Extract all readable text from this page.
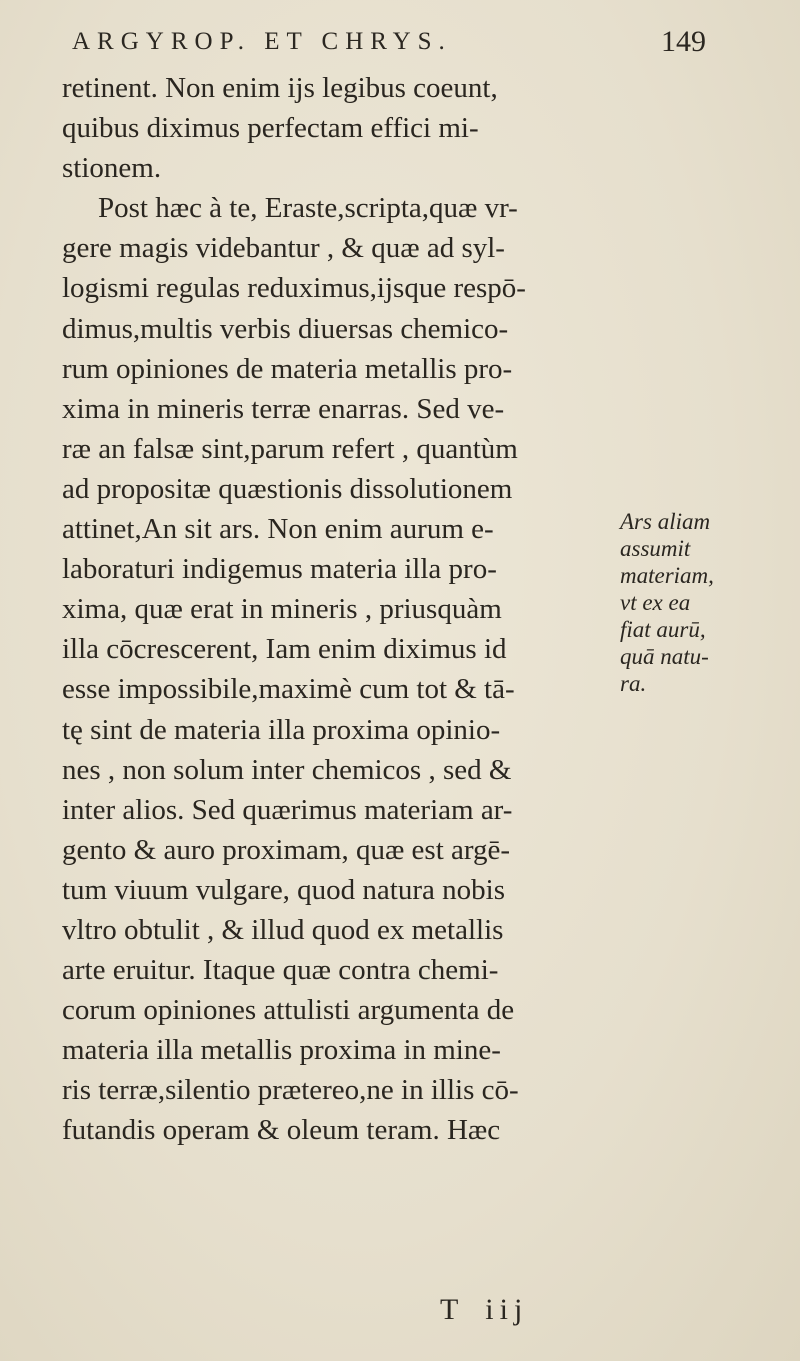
ARGYROP. ET CHRYS.	149
retinent. Non enim ijs legibus coeunt,
quibus diximus perfectam effici mi-
stionem.
Post hæc à te, Eraste,scripta,quæ vr-
gere magis videbantur , & quæ ad syl-
logismi regulas reduximus,ijsque respō-
dimus,multis verbis diuersas chemico-
rum opiniones de materia metallis pro-
xima in mineris terræ enarras. Sed ve-
ræ an falsæ sint,parum refert , quantùm
ad propositæ quæstionis dissolutionem
attinet,An sit ars. Non enim aurum e-
laboraturi indigemus materia illa pro-
xima, quæ erat in mineris , priusquàm
illa cōcrescerent, Iam enim diximus id
esse impossibile,maximè cum tot & tā-
tę sint de materia illa proxima opinio-
nes , non solum inter chemicos , sed &
inter alios. Sed quærimus materiam ar-
gento & auro proximam, quæ est argē-
tum viuum vulgare, quod natura nobis
vltro obtulit , & illud quod ex metallis
arte eruitur. Itaque quæ contra chemi-
corum opiniones attulisti argumenta de
materia illa metallis proxima in mine-
ris terræ,silentio prætereo,ne in illis cō-
futandis operam & oleum teram. Hæc
Ars aliam
assumit
materiam,
vt ex ea
fiat aurū,
quā natu-
ra.
T iij
